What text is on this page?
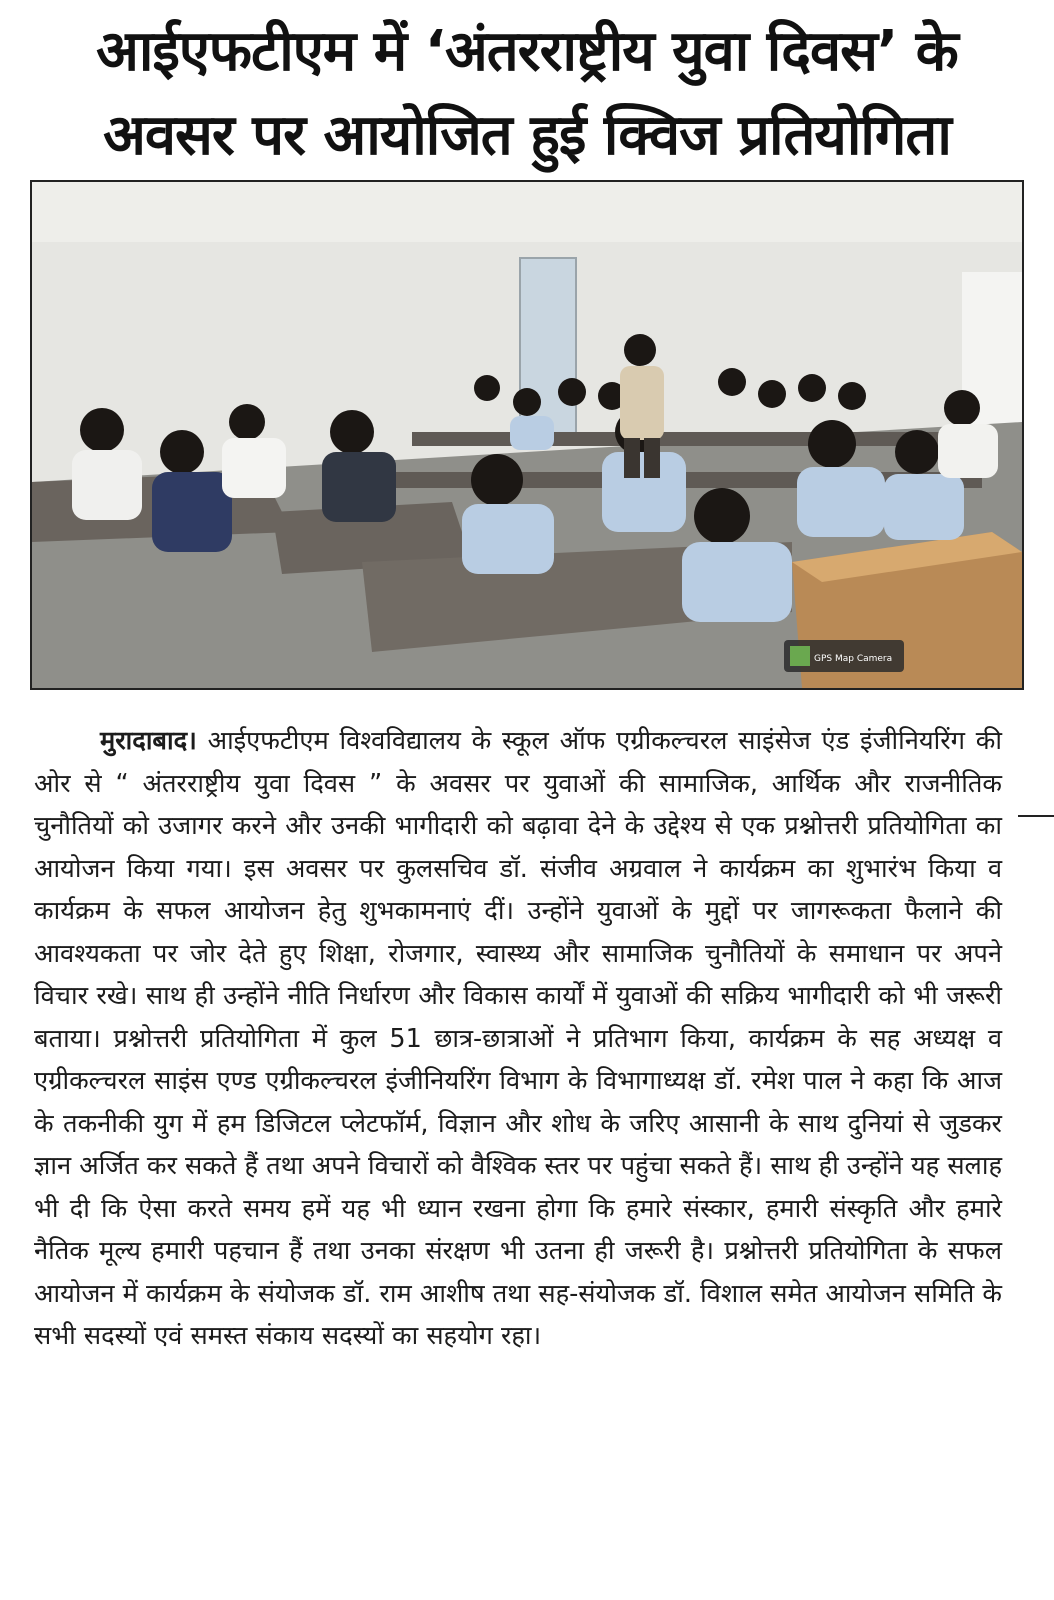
आईएफटीएम में ‘अंतरराष्ट्रीय युवा दिवस’ के
अवसर पर आयोजित हुई क्विज प्रतियोगिता
GPS Map Camera

मुरादाबाद। आईएफटीएम विश्वविद्यालय के स्कूल ऑफ एग्रीकल्चरल साइंसेज एंड इंजीनियरिंग की ओर से “ अंतरराष्ट्रीय युवा दिवस ” के अवसर पर युवाओं की सामाजिक, आर्थिक और राजनीतिक चुनौतियों को उजागर करने और उनकी भागीदारी को बढ़ावा देने के उद्देश्य से एक प्रश्नोत्तरी प्रतियोगिता का आयोजन किया गया। इस अवसर पर कुलसचिव डॉ. संजीव अग्रवाल ने कार्यक्रम का शुभारंभ किया व कार्यक्रम के सफल आयोजन हेतु शुभकामनाएं दीं। उन्होंने युवाओं के मुद्दों पर जागरूकता फैलाने की आवश्यकता पर जोर देते हुए शिक्षा, रोजगार, स्वास्थ्य और सामाजिक चुनौतियों के समाधान पर अपने विचार रखे। साथ ही उन्होंने नीति निर्धारण और विकास कार्यों में युवाओं की सक्रिय भागीदारी को भी जरूरी बताया। प्रश्नोत्तरी प्रतियोगिता में कुल 51 छात्र-छात्राओं ने प्रतिभाग किया, कार्यक्रम के सह अध्यक्ष व एग्रीकल्चरल साइंस एण्ड एग्रीकल्चरल इंजीनियरिंग विभाग के विभागाध्यक्ष डॉ. रमेश पाल ने कहा कि आज के तकनीकी युग में हम डिजिटल प्लेटफॉर्म, विज्ञान और शोध के जरिए आसानी के साथ दुनियां से जुडकर ज्ञान अर्जित कर सकते हैं तथा अपने विचारों को वैश्विक स्तर पर पहुंचा सकते हैं। साथ ही उन्होंने यह सलाह भी दी कि ऐसा करते समय हमें यह भी ध्यान रखना होगा कि हमारे संस्कार, हमारी संस्कृति और हमारे नैतिक मूल्य हमारी पहचान हैं तथा उनका संरक्षण भी उतना ही जरूरी है। प्रश्नोत्तरी प्रतियोगिता के सफल आयोजन में कार्यक्रम के संयोजक डॉ. राम आशीष तथा सह-संयोजक डॉ. विशाल समेत आयोजन समिति के सभी सदस्यों एवं समस्त संकाय सदस्यों का सहयोग रहा।
